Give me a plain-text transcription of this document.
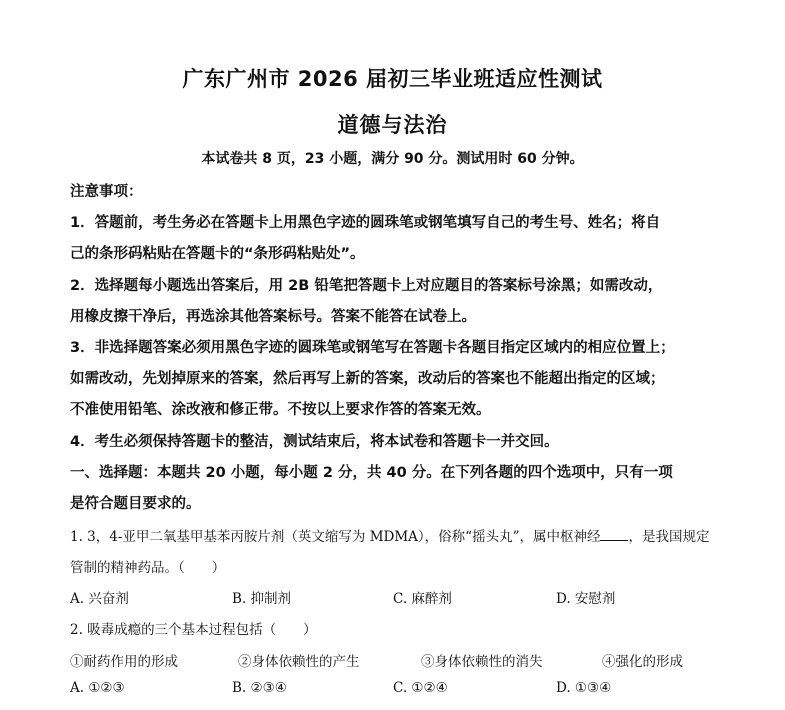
广东广州市 2026 届初三毕业班适应性测试
道德与法治
本试卷共 8 页，23 小题，满分 90 分。测试用时 60 分钟。
注意事项：
1．答题前，考生务必在答题卡上用黑色字迹的圆珠笔或钢笔填写自己的考生号、姓名；将自
己的条形码粘贴在答题卡的“条形码粘贴处”。
2．选择题每小题选出答案后，用 2B 铅笔把答题卡上对应题目的答案标号涂黑；如需改动，
用橡皮擦干净后，再选涂其他答案标号。答案不能答在试卷上。
3．非选择题答案必须用黑色字迹的圆珠笔或钢笔写在答题卡各题目指定区域内的相应位置上；
如需改动，先划掉原来的答案，然后再写上新的答案，改动后的答案也不能超出指定的区域；
不准使用铅笔、涂改液和修正带。不按以上要求作答的答案无效。
4．考生必须保持答题卡的整洁，测试结束后，将本试卷和答题卡一并交回。
一、选择题：本题共 20 小题，每小题 2 分，共 40 分。在下列各题的四个选项中，只有一项
是符合题目要求的。
1. 3，4-亚甲二氧基甲基苯丙胺片剂（英文缩写为 MDMA），俗称“摇头丸”，属中枢神经 ，是我国规定
管制的精神药品。（　　）
A. 兴奋剂	B. 抑制剂	C. 麻醉剂	D. 安慰剂
2. 吸毒成瘾的三个基本过程包括（　　）
①耐药作用的形成	②身体依赖性的产生	③身体依赖性的消失	④强化的形成
A. ①②③	B. ②③④	C. ①②④	D. ①③④
